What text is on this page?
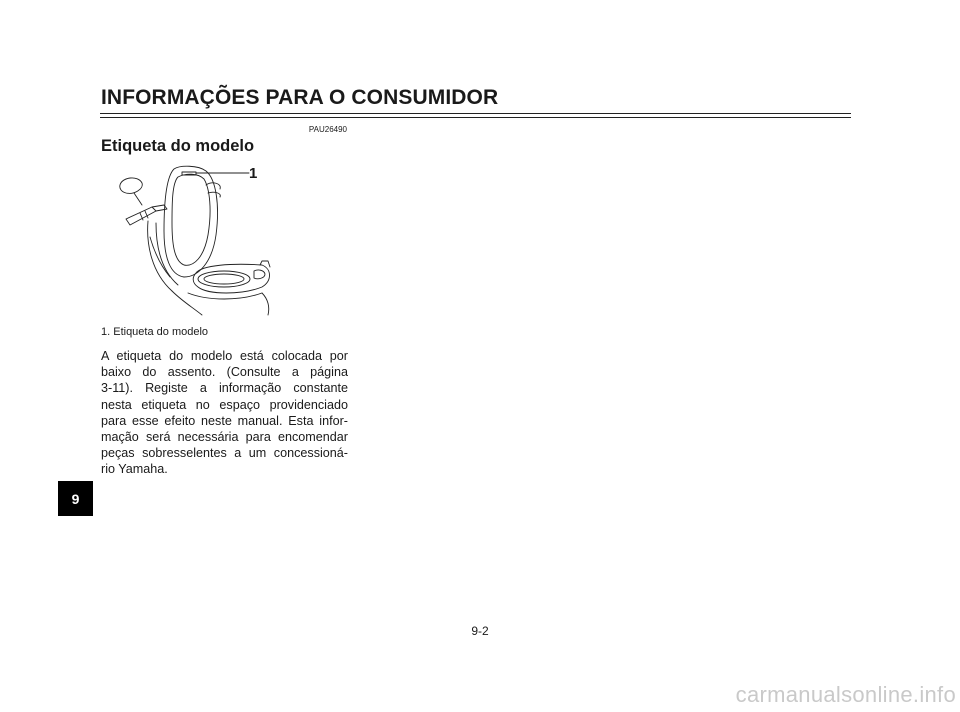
INFORMAÇÕES PARA O CONSUMIDOR
PAU26490
Etiqueta do modelo
1
1. Etiqueta do modelo
A etiqueta do modelo está colocada por
baixo do assento. (Consulte a página
3-11). Registe a informação constante
nesta etiqueta no espaço providenciado
para esse efeito neste manual. Esta infor-
mação será necessária para encomendar
peças sobresselentes a um concessioná-
rio Yamaha.
9
9-2
carmanualsonline.info
